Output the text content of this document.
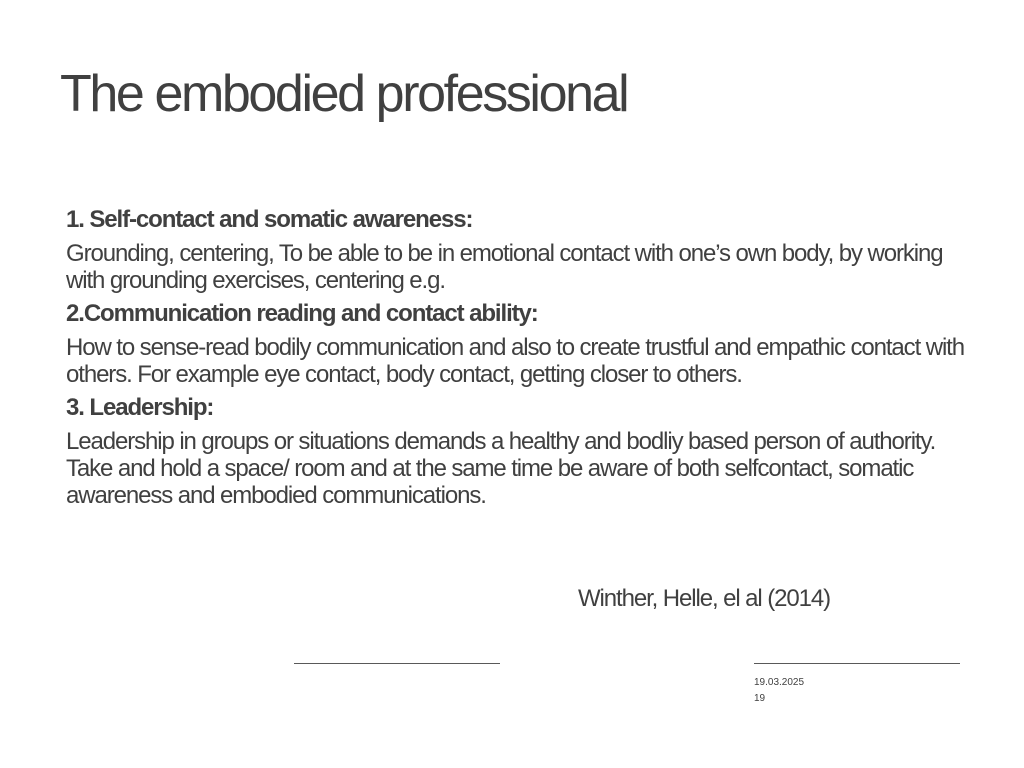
The embodied professional

1. Self-contact and somatic awareness:

Grounding, centering, To be able to be in emotional contact with one’s own body, by working with grounding exercises, centering e.g.

2.Communication reading and contact ability:

How to sense-read bodily communication and also to create trustful and empathic contact with others. For example eye contact, body contact, getting closer to others.

3. Leadership:

Leadership in groups or situations demands a healthy and bodliy based person of authority. Take and hold a space/ room and at the same time be aware of both selfcontact, somatic awareness and embodied communications.

Winther, Helle, el al (2014)
19.03.2025
19
